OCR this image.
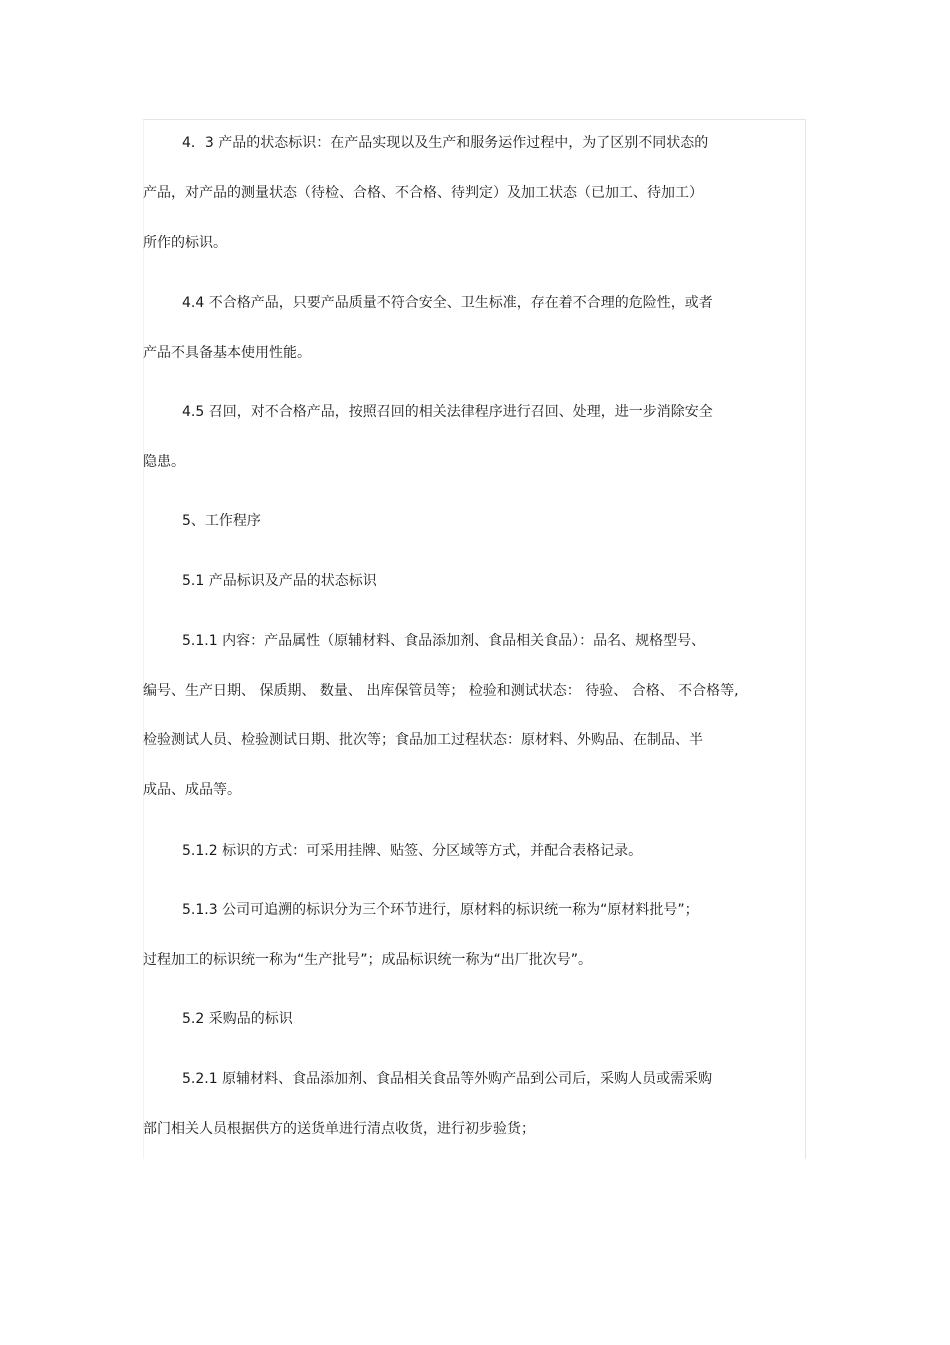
4．3 产品的状态标识：在产品实现以及生产和服务运作过程中，为了区别不同状态的
产品，对产品的测量状态（待检、合格、不合格、待判定）及加工状态（已加工、待加工）
所作的标识。
4.4 不合格产品，只要产品质量不符合安全、卫生标准，存在着不合理的危险性，或者
产品不具备基本使用性能。
4.5 召回，对不合格产品，按照召回的相关法律程序进行召回、处理，进一步消除安全
隐患。
5、工作程序
5.1 产品标识及产品的状态标识
5.1.1 内容：产品属性（原辅材料、食品添加剂、食品相关食品）：品名、规格型号、
编号、生产日期、 保质期、 数量、 出库保管员等； 检验和测试状态： 待验、 合格、 不合格等,
检验测试人员、检验测试日期、批次等；食品加工过程状态：原材料、外购品、在制品、半
成品、成品等。
5.1.2 标识的方式：可采用挂牌、贴签、分区域等方式，并配合表格记录。
5.1.3 公司可追溯的标识分为三个环节进行，原材料的标识统一称为“原材料批号”；
过程加工的标识统一称为“生产批号”；成品标识统一称为“出厂批次号”。
5.2 采购品的标识
5.2.1 原辅材料、食品添加剂、食品相关食品等外购产品到公司后，采购人员或需采购
部门相关人员根据供方的送货单进行清点收货，进行初步验货；
